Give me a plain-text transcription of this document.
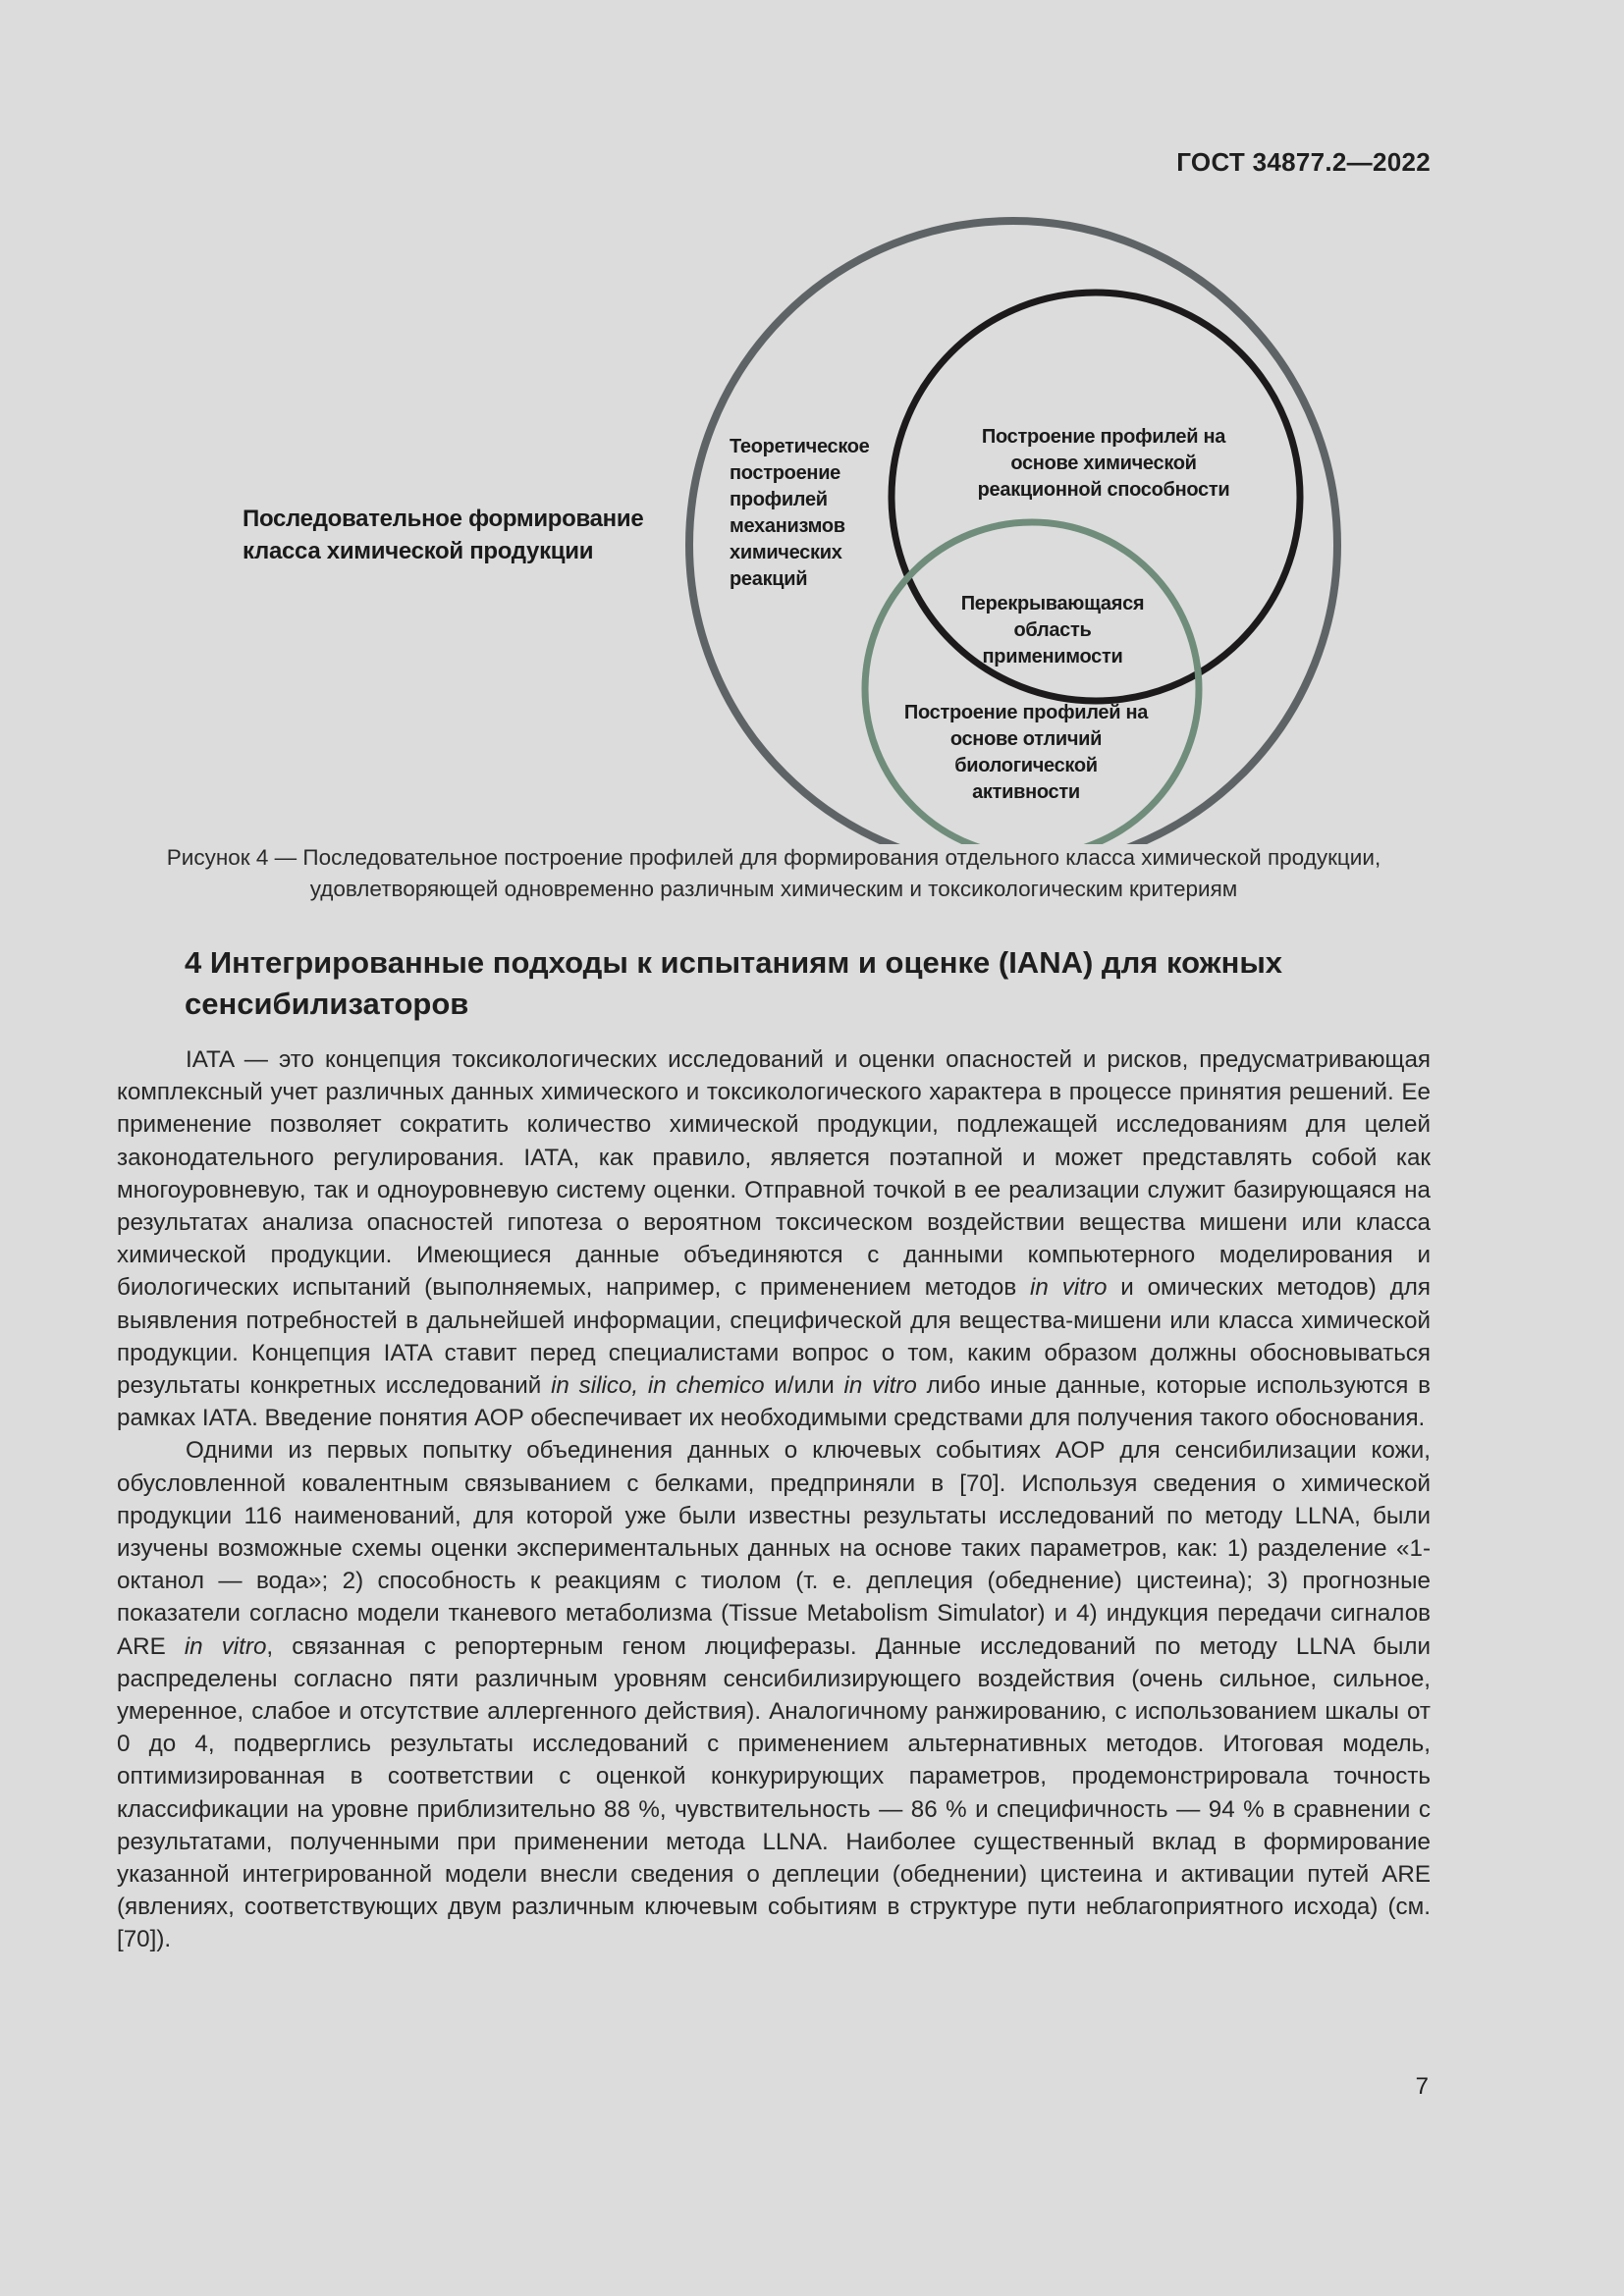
ГОСТ 34877.2—2022
Последовательное формирование класса химической продукции
Теоретическое построение профилей механизмов химических реакций
Построение профилей на основе химической реакционной способности
Перекрывающаяся область применимости
Построение профилей на основе отличий биологической активности
Рисунок 4 — Последовательное построение профилей для формирования отдельного класса химической продукции, удовлетворяющей одновременно различным химическим и токсикологическим критериям
4 Интегрированные подходы к испытаниям и оценке (IANA) для кожных сенсибилизаторов

IATA — это концепция токсикологических исследований и оценки опасностей и рисков, предусматривающая комплексный учет различных данных химического и токсикологического характера в процессе принятия решений. Ее применение позволяет сократить количество химической продукции, подлежащей исследованиям для целей законодательного регулирования. IATA, как правило, является поэтапной и может представлять собой как многоуровневую, так и одноуровневую систему оценки. Отправной точкой в ее реализации служит базирующаяся на результатах анализа опасностей гипотеза о вероятном токсическом воздействии вещества мишени или класса химической продукции. Имеющиеся данные объединяются с данными компьютерного моделирования и биологических испытаний (выполняемых, например, с применением методов in vitro и омических методов) для выявления потребностей в дальнейшей информации, специфической для вещества-мишени или класса химической продукции. Концепция IATA ставит перед специалистами вопрос о том, каким образом должны обосновываться результаты конкретных исследований in silico, in chemico и/или in vitro либо иные данные, которые используются в рамках IATA. Введение понятия АОР обеспечивает их необходимыми средствами для получения такого обоснования.

Одними из первых попытку объединения данных о ключевых событиях АОР для сенсибилизации кожи, обусловленной ковалентным связыванием с белками, предприняли в [70]. Используя сведения о химической продукции 116 наименований, для которой уже были известны результаты исследований по методу LLNA, были изучены возможные схемы оценки экспериментальных данных на основе таких параметров, как: 1) разделение «1-октанол — вода»; 2) способность к реакциям с тиолом (т. е. деплеция (обеднение) цистеина); 3) прогнозные показатели согласно модели тканевого метаболизма (Tissue Metabolism Simulator) и 4) индукция передачи сигналов ARE in vitro, связанная с репортерным геном люциферазы. Данные исследований по методу LLNA были распределены согласно пяти различным уровням сенсибилизирующего воздействия (очень сильное, сильное, умеренное, слабое и отсутствие аллергенного действия). Аналогичному ранжированию, с использованием шкалы от 0 до 4, подверглись результаты исследований с применением альтернативных методов. Итоговая модель, оптимизированная в соответствии с оценкой конкурирующих параметров, продемонстрировала точность классификации на уровне приблизительно 88 %, чувствительность — 86 % и специфичность — 94 % в сравнении с результатами, полученными при применении метода LLNA. Наиболее существенный вклад в формирование указанной интегрированной модели внесли сведения о деплеции (обеднении) цистеина и активации путей ARE (явлениях, соответствующих двум различным ключевым событиям в структуре пути неблагоприятного исхода) (см. [70]).

7
